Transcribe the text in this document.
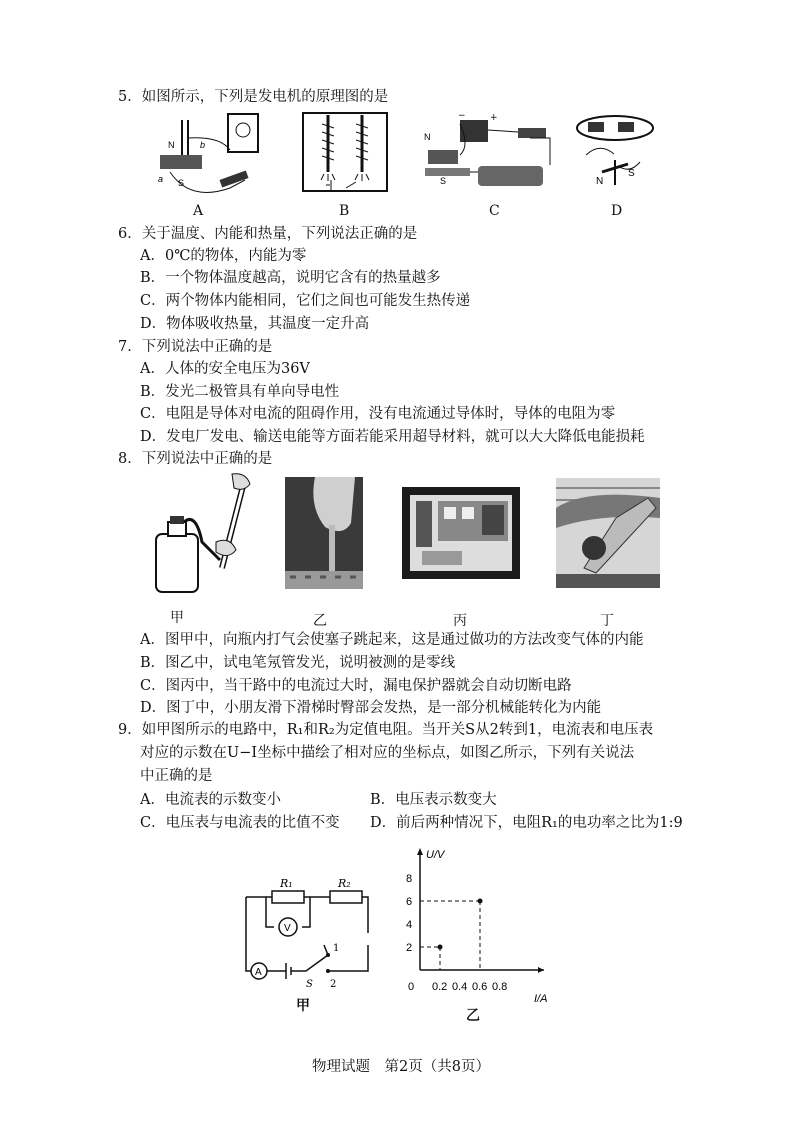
5．如图所示，下列是发电机的原理图的是
N
S
b
a
A	B
−	+
N
S
C
N
S
D
6．关于温度、内能和热量，下列说法正确的是
A．0℃的物体，内能为零
B．一个物体温度越高，说明它含有的热量越多
C．两个物体内能相同，它们之间也可能发生热传递
D．物体吸收热量，其温度一定升高
7．下列说法中正确的是
A．人体的安全电压为36V
B．发光二极管具有单向导电性
C．电阻是导体对电流的阻碍作用，没有电流通过导体时，导体的电阻为零
D．发电厂发电、输送电能等方面若能采用超导材料，就可以大大降低电能损耗
8．下列说法中正确的是
甲	乙	丙	丁
A．图甲中，向瓶内打气会使塞子跳起来，这是通过做功的方法改变气体的内能
B．图乙中，试电笔氖管发光，说明被测的是零线
C．图丙中，当干路中的电流过大时，漏电保护器就会自动切断电路
D．图丁中，小朋友滑下滑梯时臀部会发热，是一部分机械能转化为内能
9．如甲图所示的电路中，R₁和R₂为定值电阻。当开关S从2转到1，电流表和电压表
对应的示数在U−I坐标中描绘了相对应的坐标点，如图乙所示，下列有关说法
中正确的是
A．电流表的示数变小	B．电压表示数变大
C．电压表与电流表的比值不变 D．前后两种情况下，电阻R₁的电功率之比为1:9
R₁	R₂
V
A
S
1
2
甲
U/V
I/A
0 0.2 0.4 0.6 0.8
2
4
6
8
乙
物理试题　第2页（共8页）
